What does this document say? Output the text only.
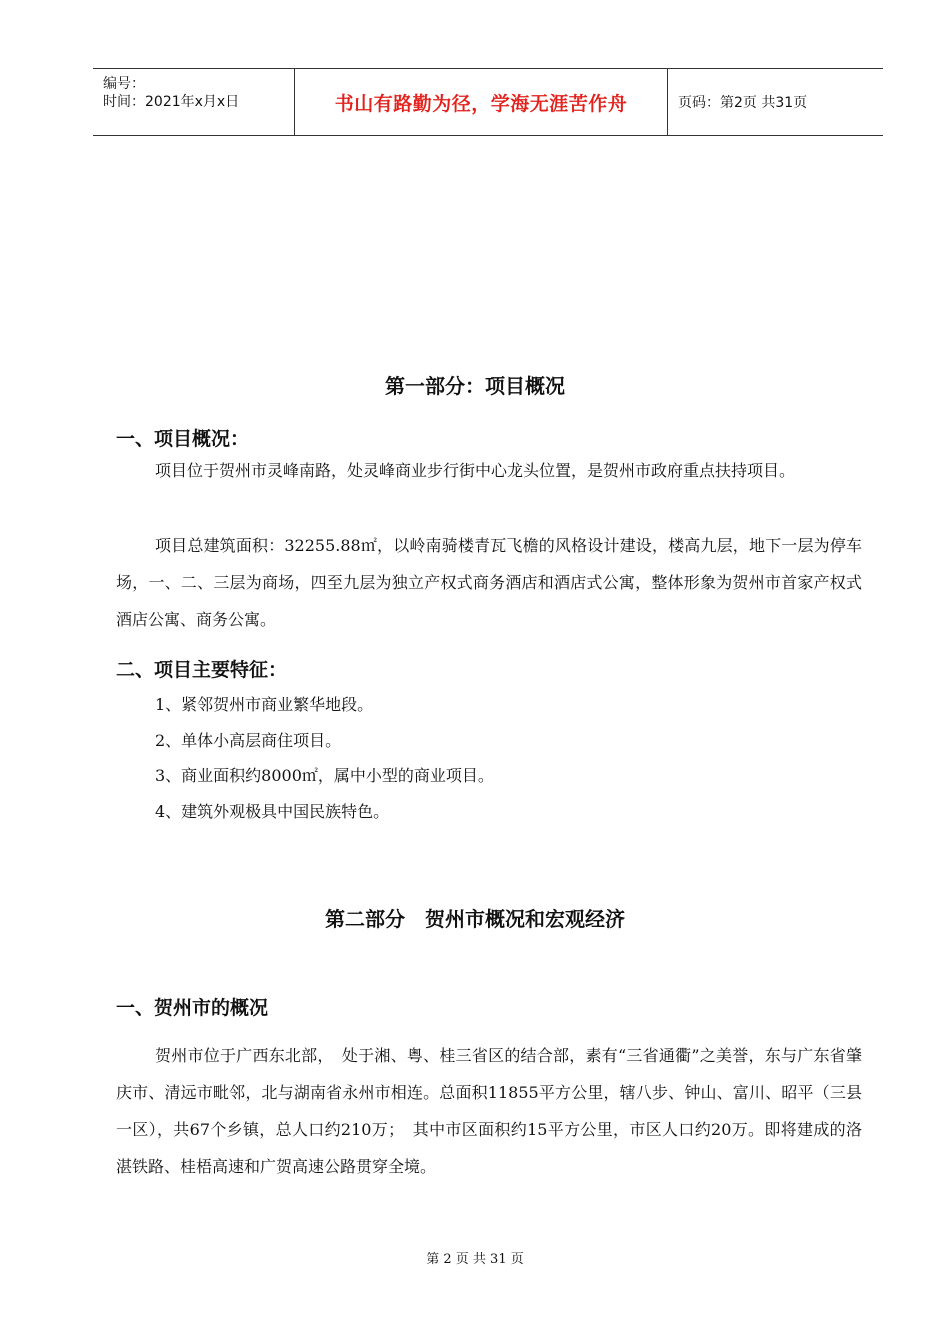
编号：
时间：2021年x月x日	书山有路勤为径，学海无涯苦作舟	页码：第2页 共31页
第一部分：项目概况
一、项目概况：

项目位于贺州市灵峰南路，处灵峰商业步行街中心龙头位置，是贺州市政府重点扶持项目。

项目总建筑面积：32255.88㎡，以岭南骑楼青瓦飞檐的风格设计建设，楼高九层，地下一层为停车场，一、二、三层为商场，四至九层为独立产权式商务酒店和酒店式公寓，整体形象为贺州市首家产权式酒店公寓、商务公寓。

二、项目主要特征：
1、紧邻贺州市商业繁华地段。
2、单体小高层商住项目。
3、商业面积约8000㎡，属中小型的商业项目。
4、建筑外观极具中国民族特色。
第二部分　贺州市概况和宏观经济
一、贺州市的概况

贺州市位于广西东北部，　处于湘、粤、桂三省区的结合部，素有“三省通衢”之美誉，东与广东省肇庆市、清远市毗邻，北与湖南省永州市相连。总面积11855平方公里，辖八步、钟山、富川、昭平（三县一区），共67个乡镇，总人口约210万；　其中市区面积约15平方公里，市区人口约20万。即将建成的洛湛铁路、桂梧高速和广贺高速公路贯穿全境。

第 2 页 共 31 页
